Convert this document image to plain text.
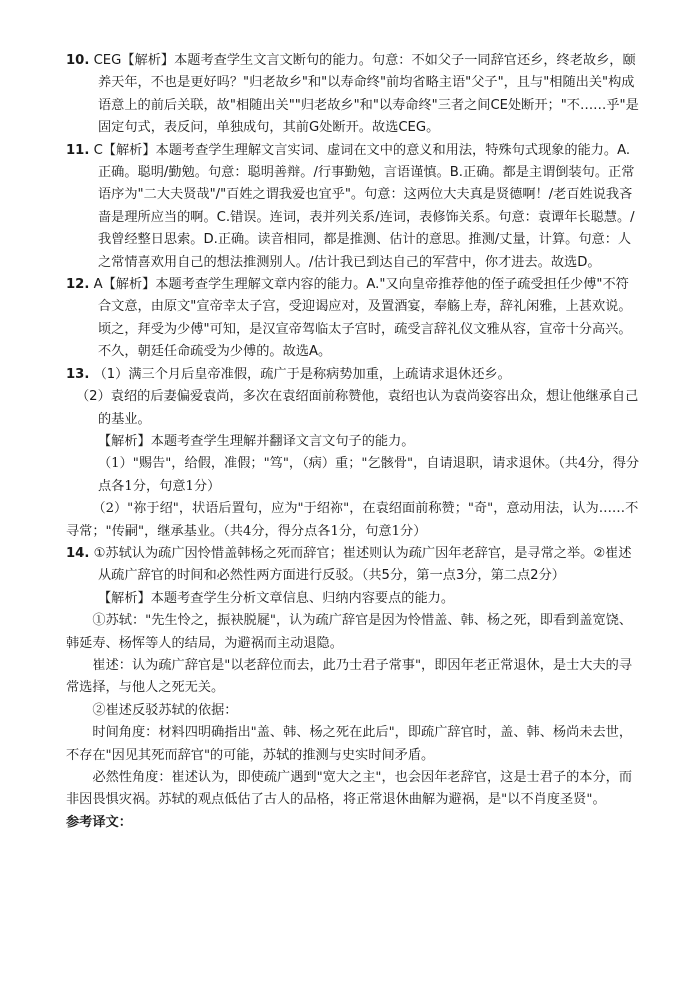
10. CEG【解析】本题考查学生文言文断句的能力。句意：不如父子一同辞官还乡，终老故乡，颐养天年，不也是更好吗？"归老故乡"和"以寿命终"前均省略主语"父子"，且与"相随出关"构成语意上的前后关联，故"相随出关""归老故乡"和"以寿命终"三者之间CE处断开；"不……乎"是固定句式，表反问，单独成句，其前G处断开。故选CEG。

11. C【解析】本题考查学生理解文言实词、虚词在文中的意义和用法，特殊句式现象的能力。A.正确。聪明/勤勉。句意：聪明善辩。/行事勤勉，言语谨慎。B.正确。都是主谓倒装句。正常语序为"二大夫贤哉"/"百姓之谓我爱也宜乎"。句意：这两位大夫真是贤德啊！/老百姓说我吝啬是理所应当的啊。C.错误。连词，表并列关系/连词，表修饰关系。句意：袁谭年长聪慧。/我曾经整日思索。D.正确。读音相同，都是推测、估计的意思。推测/丈量，计算。句意：人之常情喜欢用自己的想法推测别人。/估计我已到达自己的军营中，你才进去。故选D。

12. A【解析】本题考查学生理解文章内容的能力。A."又向皇帝推荐他的侄子疏受担任少傅"不符合文意，由原文"宣帝幸太子宫，受迎谒应对，及置酒宴，奉觞上寿，辞礼闲雅，上甚欢说。顷之，拜受为少傅"可知，是汉宣帝驾临太子宫时，疏受言辞礼仪文雅从容，宣帝十分高兴。不久，朝廷任命疏受为少傅的。故选A。

13. （1）满三个月后皇帝准假，疏广于是称病势加重，上疏请求退休还乡。

（2）袁绍的后妻偏爱袁尚，多次在袁绍面前称赞他，袁绍也认为袁尚姿容出众，想让他继承自己的基业。

【解析】本题考查学生理解并翻译文言文句子的能力。

（1）"赐告"，给假，准假；"笃"，（病）重；"乞骸骨"，自请退职，请求退休。（共4分，得分点各1分，句意1分）

（2）"祢于绍"，状语后置句，应为"于绍祢"，在袁绍面前称赞；"奇"，意动用法，认为……不寻常；"传嗣"，继承基业。（共4分，得分点各1分，句意1分）

14. ①苏轼认为疏广因怜惜盖韩杨之死而辞官；崔述则认为疏广因年老辞官，是寻常之举。②崔述从疏广辞官的时间和必然性两方面进行反驳。（共5分，第一点3分，第二点2分）

【解析】本题考查学生分析文章信息、归纳内容要点的能力。

①苏轼："先生怜之，振袂脱屣"，认为疏广辞官是因为怜惜盖、韩、杨之死，即看到盖宽饶、韩延寿、杨恽等人的结局，为避祸而主动退隐。

崔述：认为疏广辞官是"以老辞位而去，此乃士君子常事"，即因年老正常退休，是士大夫的寻常选择，与他人之死无关。

②崔述反驳苏轼的依据：

时间角度：材料四明确指出"盖、韩、杨之死在此后"，即疏广辞官时，盖、韩、杨尚未去世，不存在"因见其死而辞官"的可能，苏轼的推测与史实时间矛盾。

必然性角度：崔述认为，即使疏广遇到"宽大之主"，也会因年老辞官，这是士君子的本分，而非因畏惧灾祸。苏轼的观点低估了古人的品格，将正常退休曲解为避祸，是"以不肖度圣贤"。

参考译文：
